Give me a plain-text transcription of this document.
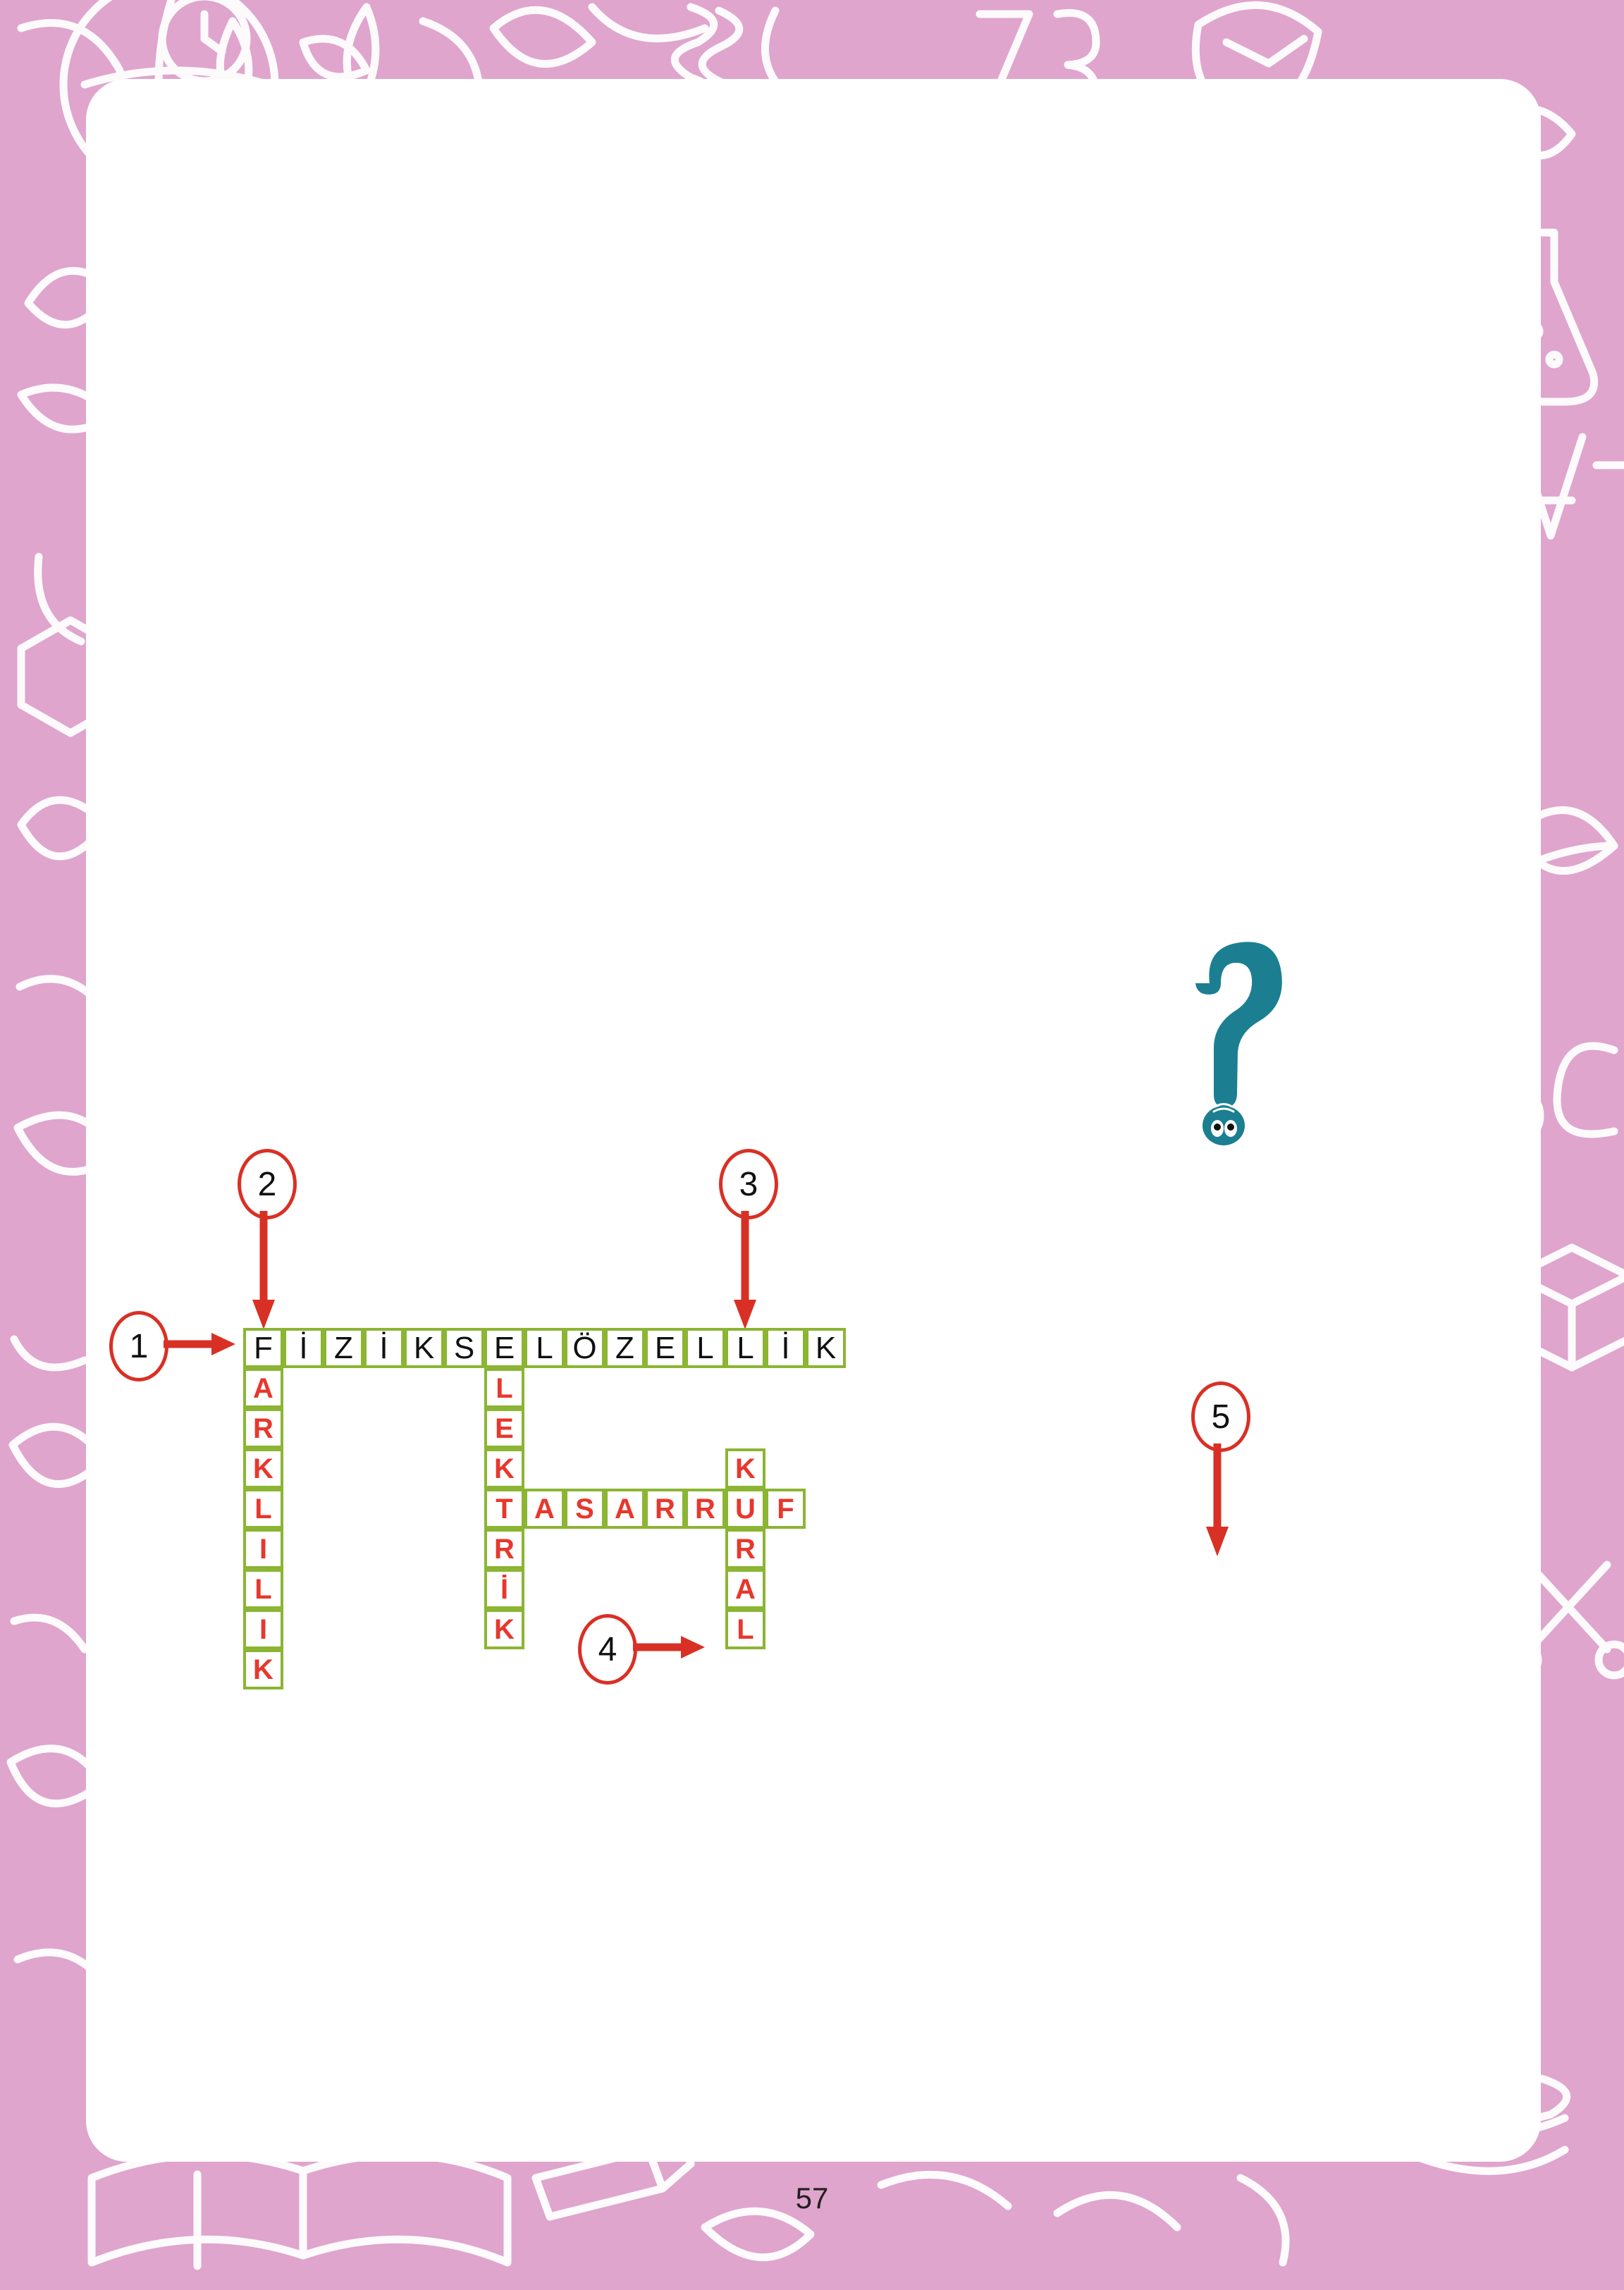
1
2	3
4
5
F İ Z İ K S E L Ö Z E L L İ K
A
R
K
L
I
L
I
K
L
E
K
T
R
İ
K
A S A R R U F
K
R
A
L
57
